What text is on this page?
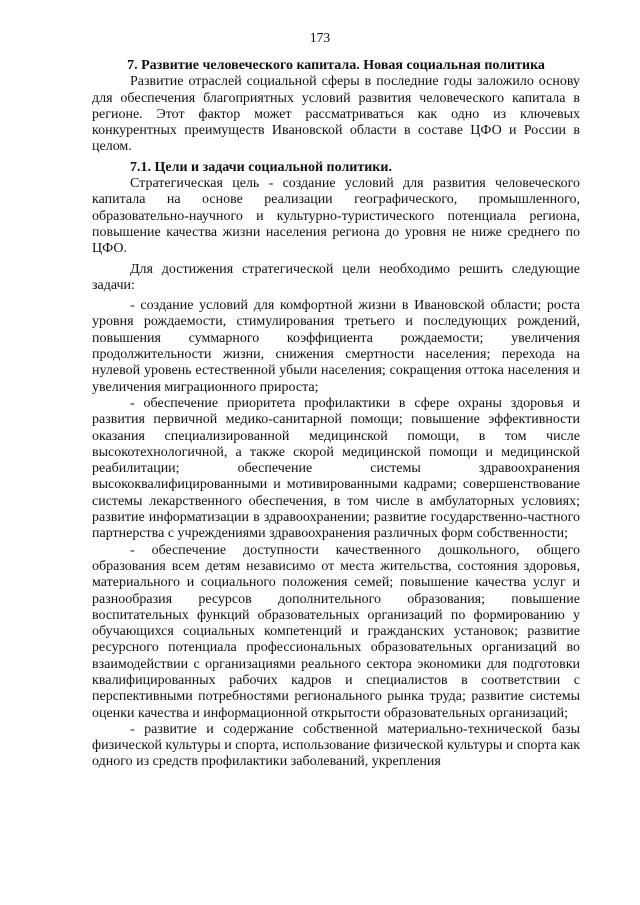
173

7. Развитие человеческого капитала. Новая социальная политика

Развитие отраслей социальной сферы в последние годы заложило основу для обеспечения благоприятных условий развития человеческого капитала в регионе. Этот фактор может рассматриваться как одно из ключевых конкурентных преимуществ Ивановской области в составе ЦФО и России в целом.

7.1. Цели и задачи социальной политики.

Стратегическая цель - создание условий для развития человеческого капитала на основе реализации географического, промышленного, образовательно-научного и культурно-туристического потенциала региона, повышение качества жизни населения региона до уровня не ниже среднего по ЦФО.

Для достижения стратегической цели необходимо решить следующие задачи:

- создание условий для комфортной жизни в Ивановской области; роста уровня рождаемости, стимулирования третьего и последующих рождений, повышения суммарного коэффициента рождаемости; увеличения продолжительности жизни, снижения смертности населения; перехода на нулевой уровень естественной убыли населения; сокращения оттока населения и увеличения миграционного прироста;

- обеспечение приоритета профилактики в сфере охраны здоровья и развития первичной медико-санитарной помощи; повышение эффективности оказания специализированной медицинской помощи, в том числе высокотехнологичной, а также скорой медицинской помощи и медицинской реабилитации; обеспечение системы здравоохранения высококвалифицированными и мотивированными кадрами; совершенствование системы лекарственного обеспечения, в том числе в амбулаторных условиях; развитие информатизации в здравоохранении; развитие государственно-частного партнерства с учреждениями здравоохранения различных форм собственности;

- обеспечение доступности качественного дошкольного, общего образования всем детям независимо от места жительства, состояния здоровья, материального и социального положения семей; повышение качества услуг и разнообразия ресурсов дополнительного образования; повышение воспитательных функций образовательных организаций по формированию у обучающихся социальных компетенций и гражданских установок; развитие ресурсного потенциала профессиональных образовательных организаций во взаимодействии с организациями реального сектора экономики для подготовки квалифицированных рабочих кадров и специалистов в соответствии с перспективными потребностями регионального рынка труда; развитие системы оценки качества и информационной открытости образовательных организаций;

- развитие и содержание собственной материально-технической базы физической культуры и спорта, использование физической культуры и спорта как одного из средств профилактики заболеваний, укрепления
